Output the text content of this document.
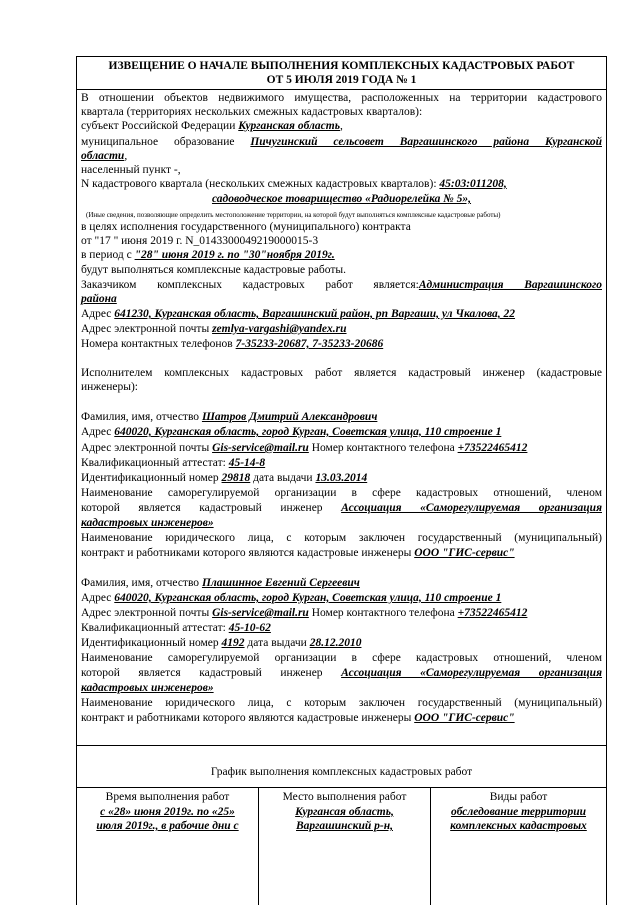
ИЗВЕЩЕНИЕ О НАЧАЛЕ ВЫПОЛНЕНИЯ КОМПЛЕКСНЫХ КАДАСТРОВЫХ РАБОТ
ОТ 5 ИЮЛЯ 2019 ГОДА № 1
В отношении объектов недвижимого имущества, расположенных на территории кадастрового
квартала (территориях нескольких смежных кадастровых кварталов):
субъект Российской Федерации Курганская область,
муниципальное образование Пичугинский сельсовет Варгашинского района Курганской
области,
населенный пункт -,
N кадастрового квартала (нескольких смежных кадастровых кварталов): 45:03:011208,
садоводческое товарищество «Радиорелейка № 5»,
(Иные сведения, позволяющие определить местоположение территории, на которой будут выполняться комплексные кадастровые работы)
в целях исполнения государственного (муниципального) контракта
от "17 " июня 2019 г. N_0143300049219000015-3
в период с "28" июня 2019 г. по "30"ноября 2019г.
будут выполняться комплексные кадастровые работы.
Заказчиком комплексных кадастровых работ является:Администрация Варгашинского
района
Адрес 641230, Курганская область, Варгашинский район, рп Варгаши, ул Чкалова, 22
Адрес электронной почты zemlya-vargashi@yandex.ru
Номера контактных телефонов 7-35233-20687, 7-35233-20686
Исполнителем комплексных кадастровых работ является кадастровый инженер (кадастровые
инженеры):
Фамилия, имя, отчество Шатров Дмитрий Александрович
Адрес 640020, Курганская область, город Курган, Советская улица, 110 строение 1
Адрес электронной почты Gis-service@mail.ru Номер контактного телефона +73522465412
Квалификационный аттестат: 45-14-8
Идентификационный номер 29818 дата выдачи 13.03.2014
Наименование саморегулируемой организации в сфере кадастровых отношений, членом
которой является кадастровый инженер Ассоциация «Саморегулируемая организация
кадастровых инженеров»
Наименование юридического лица, с которым заключен государственный (муниципальный)
контракт и работниками которого являются кадастровые инженеры ООО "ГИС-сервис"
Фамилия, имя, отчество Плашинное Евгений Сергеевич
Адрес 640020, Курганская область, город Курган, Советская улица, 110 строение 1
Адрес электронной почты Gis-service@mail.ru Номер контактного телефона +73522465412
Квалификационный аттестат: 45-10-62
Идентификационный номер 4192 дата выдачи 28.12.2010
Наименование саморегулируемой организации в сфере кадастровых отношений, членом
которой является кадастровый инженер Ассоциация «Саморегулируемая организация
кадастровых инженеров»
Наименование юридического лица, с которым заключен государственный (муниципальный)
контракт и работниками которого являются кадастровые инженеры ООО "ГИС-сервис"
График выполнения комплексных кадастровых работ
Время выполнения работ
с «28» июня 2019г. по «25»
июля 2019г., в рабочие дни с
Место выполнения работ
Кургансая область,
Варгашинский р-н,
Виды работ
обследование территории
комплексных кадастровых
